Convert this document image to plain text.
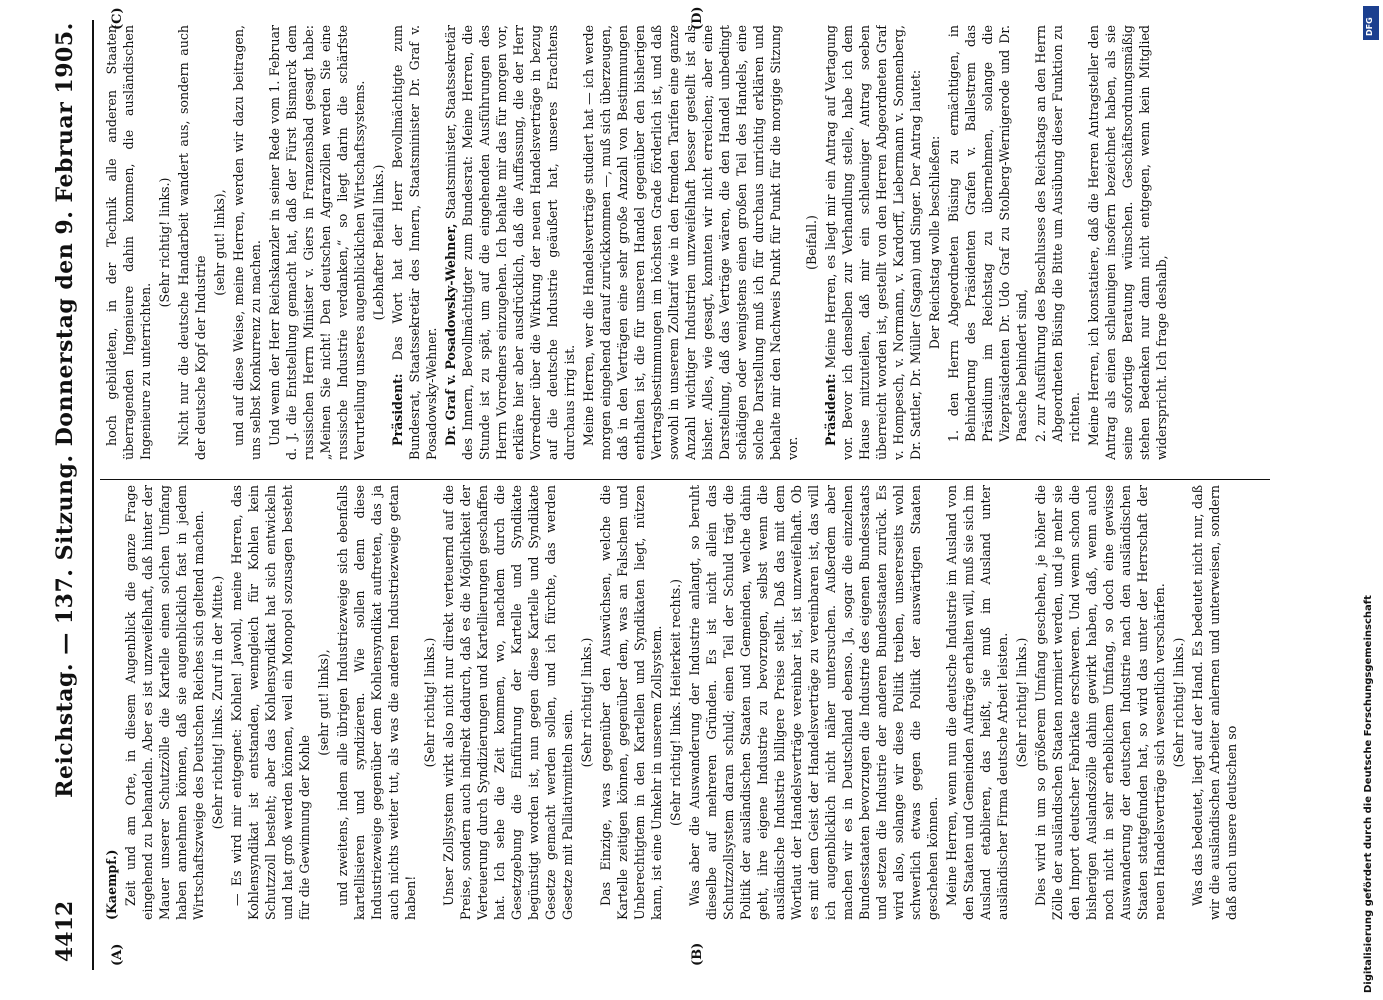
4412
Reichstag. — 137. Sitzung. Donnerstag den 9. Februar 1905.
(A)	(B)
(C)	(D)

(Kaempf.) Zeit und am Orte, in diesem Augenblick die ganze Frage eingehend zu behandeln. Aber es ist unzweifelhaft, daß hinter der Mauer unserer Schutzzölle die Kartelle einen solchen Umfang haben annehmen können, daß sie augenblicklich fast in jedem Wirtschaftszweige des Deutschen Reiches sich geltend machen. (Sehr richtig! links. Zuruf in der Mitte.) — Es wird mir entgegnet: Kohlen! Jawohl, meine Herren, das Kohlensyndikat ist entstanden, wenngleich für Kohlen kein Schutzzoll besteht; aber das Kohlensyndikat hat sich entwickeln und hat groß werden können, weil ein Monopol sozusagen besteht für die Gewinnung der Kohle

(sehr gut! links), und zweitens, indem alle übrigen Industriezweige sich ebenfalls kartellisieren und syndizieren. Wie sollen denn diese Industriezweige gegenüber dem Kohlensyndikat auftreten, das ja auch nichts weiter tut, als was die anderen Industriezweige getan haben!

(Sehr richtig! links.) Unser Zollsystem wirkt also nicht nur direkt verteuernd auf die Preise, sondern auch indirekt dadurch, daß es die Möglichkeit der Verteuerung durch Syndizierungen und Kartellierungen geschaffen hat. Ich sehe die Zeit kommen, wo, nachdem durch die Gesetzgebung die Einführung der Kartelle und Syndikate begünstigt worden ist, nun gegen diese Kartelle und Syndikate Gesetze gemacht werden sollen, und ich fürchte, das werden Gesetze mit Palliativmitteln sein.

(Sehr richtig! links.) Das Einzige, was gegenüber den Auswüchsen, welche die Kartelle zeitigen können, gegenüber dem, was an Falschem und Unberechtigtem in den Kartellen und Syndikaten liegt, nützen kann, ist eine Umkehr in unserem Zollsystem. (Sehr richtig! links. Heiterkeit rechts.) Was aber die Auswanderung der Industrie anlangt, so beruht dieselbe auf mehreren Gründen. Es ist nicht allein das Schutzzollsystem daran schuld; einen Teil der Schuld trägt die Politik der ausländischen Staaten und Gemeinden, welche dahin geht, ihre eigene Industrie zu bevorzugen, selbst wenn die ausländische Industrie billigere Preise stellt. Daß das mit dem Wortlaut der Handelsverträge vereinbar ist, ist unzweifelhaft. Ob es mit dem Geist der Handelsverträge zu vereinbaren ist, das will ich augenblicklich nicht näher untersuchen. Außerdem aber machen wir es in Deutschland ebenso. Ja, sogar die einzelnen Bundesstaaten bevorzugen die Industrie des eigenen Bundesstaats und setzen die Industrie der anderen Bundesstaaten zurück. Es wird also, solange wir diese Politik treiben, unsererseits wohl schwerlich etwas gegen die Politik der auswärtigen Staaten geschehen können. Meine Herren, wenn nun die deutsche Industrie im Ausland von den Staaten und Gemeinden Aufträge erhalten will, muß sie sich im Ausland etablieren, das heißt, sie muß im Ausland unter ausländischer Firma deutsche Arbeit leisten. (Sehr richtig! links.) Dies wird in um so größerem Umfang geschehen, je höher die Zölle der ausländischen Staaten normiert werden, und je mehr sie den Import deutscher Fabrikate erschweren. Und wenn schon die bisherigen Auslandszölle dahin gewirkt haben, daß, wenn auch noch nicht in sehr erheblichem Umfang, so doch eine gewisse Auswanderung der deutschen Industrie nach den ausländischen Staaten stattgefunden hat, so wird das unter der Herrschaft der neuen Handelsverträge sich wesentlich verschärfen. (Sehr richtig! links.) Was das bedeutet, liegt auf der Hand. Es bedeutet nicht nur, daß wir die ausländischen Arbeiter anlernen und unterweisen, sondern daß auch unsere deutschen so

hoch gebildeten, in der Technik alle anderen Staaten überragenden Ingenieure dahin kommen, die ausländischen Ingenieure zu unterrichten.

(Sehr richtig! links.) Nicht nur die deutsche Handarbeit wandert aus, sondern auch der deutsche Kopf der Industrie

(sehr gut! links), und auf diese Weise, meine Herren, werden wir dazu beitragen, uns selbst Konkurrenz zu machen. Und wenn der Herr Reichskanzler in seiner Rede vom 1. Februar d. J. die Entstellung gemacht hat, daß der Fürst Bismarck dem russischen Herrn Minister v. Giers in Franzensbad gesagt habe: „Meinen Sie nicht! Den deutschen Agrarzöllen werden Sie eine russische Industrie verdanken,“ so liegt darin die schärfste Verurteilung unseres augenblicklichen Wirtschaftssystems. (Lebhafter Beifall links.)

Präsident: Das Wort hat der Herr Bevollmächtigte zum Bundesrat, Staatssekretär des Innern, Staatsminister Dr. Graf v. Posadowsky-Wehner. Dr. Graf v. Posadowsky-Wehner, Staatsminister, Staatssekretär des Innern, Bevollmächtigter zum Bundesrat: Meine Herren, die Stunde ist zu spät, um auf die eingehenden Ausführungen des Herrn Vorredners einzugehen. Ich behalte mir das für morgen vor, erkläre hier aber ausdrücklich, daß die Auffassung, die der Herr Vorredner über die Wirkung der neuen Handelsverträge in bezug auf die deutsche Industrie geäußert hat, unseres Erachtens durchaus irrig ist. Meine Herren, wer die Handelsverträge studiert hat — ich werde morgen eingehend darauf zurückkommen —, muß sich überzeugen, daß in den Verträgen eine sehr große Anzahl von Bestimmungen enthalten ist, die für unseren Handel gegenüber den bisherigen Vertragsbestimmungen im höchsten Grade förderlich ist, und daß sowohl in unserem Zolltarif wie in den fremden Tarifen eine ganze Anzahl wichtiger Industrien unzweifelhaft besser gestellt ist als bisher. Alles, wie gesagt, konnten wir nicht erreichen; aber eine Darstellung, daß das Verträge wären, die den Handel unbedingt schädigen oder wenigstens einen großen Teil des Handels, eine solche Darstellung muß ich für durchaus unrichtig erklären und behalte mir den Nachweis Punkt für Punkt für die morgige Sitzung vor.

(Beifall.)

Präsident: Meine Herren, es liegt mir ein Antrag auf Vertagung vor. Bevor ich denselben zur Verhandlung stelle, habe ich dem Hause mitzuteilen, daß mir ein schleuniger Antrag soeben überreicht worden ist, gestellt von den Herren Abgeordneten Graf v. Hompesch, v. Normann, v. Kardorff, Liebermann v. Sonnenberg, Dr. Sattler, Dr. Müller (Sagan) und Singer. Der Antrag lautet: Der Reichstag wolle beschließen: 1. den Herrn Abgeordneten Büsing zu ermächtigen, in Behinderung des Präsidenten Grafen v. Ballestrem das Präsidium im Reichstag zu übernehmen, solange die Vizepräsidenten Dr. Udo Graf zu Stolberg-Wernigerode und Dr. Paasche behindert sind, 2. zur Ausführung des Beschlusses des Reichstags an den Herrn Abgeordneten Büsing die Bitte um Ausübung dieser Funktion zu richten. Meine Herren, ich konstatiere, daß die Herren Antragsteller den Antrag als einen schleunigen insofern bezeichnet haben, als sie seine sofortige Beratung wünschen. Geschäftsordnungsmäßig stehen Bedenken nur dann nicht entgegen, wenn kein Mitglied widerspricht. Ich frage deshalb,

Digitalisierung gefördert durch die Deutsche Forschungsgemeinschaft
DFG
